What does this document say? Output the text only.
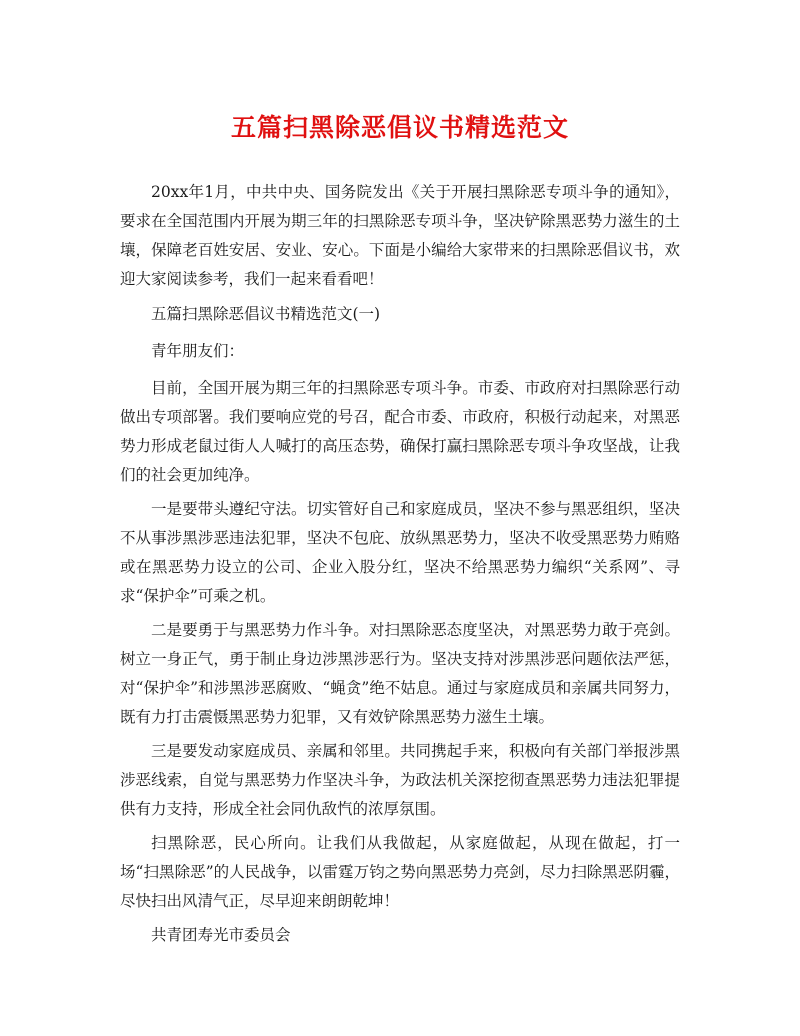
五篇扫黑除恶倡议书精选范文

20xx年1月，中共中央、国务院发出《关于开展扫黑除恶专项斗争的通知》，要求在全国范围内开展为期三年的扫黑除恶专项斗争，坚决铲除黑恶势力滋生的土壤，保障老百姓安居、安业、安心。下面是小编给大家带来的扫黑除恶倡议书，欢迎大家阅读参考，我们一起来看看吧！

五篇扫黑除恶倡议书精选范文(一)

青年朋友们：

目前，全国开展为期三年的扫黑除恶专项斗争。市委、市政府对扫黑除恶行动做出专项部署。我们要响应党的号召，配合市委、市政府，积极行动起来，对黑恶势力形成老鼠过街人人喊打的高压态势，确保打赢扫黑除恶专项斗争攻坚战，让我们的社会更加纯净。

一是要带头遵纪守法。切实管好自己和家庭成员，坚决不参与黑恶组织，坚决不从事涉黑涉恶违法犯罪，坚决不包庇、放纵黑恶势力，坚决不收受黑恶势力贿赂或在黑恶势力设立的公司、企业入股分红，坚决不给黑恶势力编织“关系网”、寻求“保护伞”可乘之机。

二是要勇于与黑恶势力作斗争。对扫黑除恶态度坚决，对黑恶势力敢于亮剑。树立一身正气，勇于制止身边涉黑涉恶行为。坚决支持对涉黑涉恶问题依法严惩，对“保护伞”和涉黑涉恶腐败、“蝇贪”绝不姑息。通过与家庭成员和亲属共同努力，既有力打击震慑黑恶势力犯罪，又有效铲除黑恶势力滋生土壤。

三是要发动家庭成员、亲属和邻里。共同携起手来，积极向有关部门举报涉黑涉恶线索，自觉与黑恶势力作坚决斗争，为政法机关深挖彻查黑恶势力违法犯罪提供有力支持，形成全社会同仇敌忾的浓厚氛围。

扫黑除恶，民心所向。让我们从我做起，从家庭做起，从现在做起，打一场“扫黑除恶”的人民战争，以雷霆万钧之势向黑恶势力亮剑，尽力扫除黑恶阴霾，尽快扫出风清气正，尽早迎来朗朗乾坤！

共青团寿光市委员会
